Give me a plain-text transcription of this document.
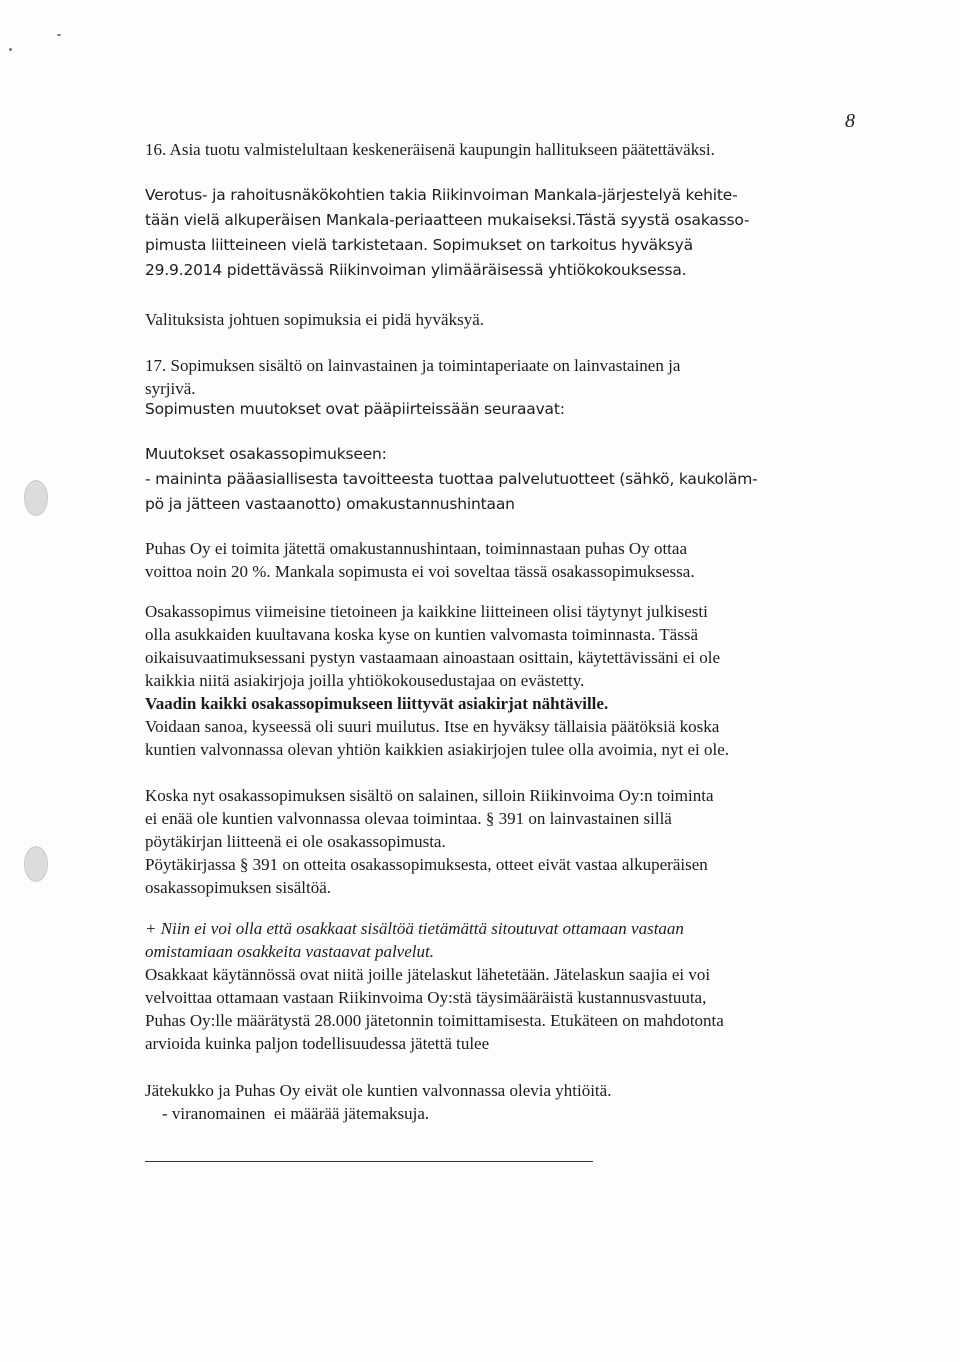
8
16. Asia tuotu valmistelultaan keskeneräisenä kaupungin hallitukseen päätettäväksi.
Verotus- ja rahoitusnäkökohtien takia Riikinvoiman Mankala-järjestelyä kehite-
tään vielä alkuperäisen Mankala-periaatteen mukaiseksi.Tästä syystä osakasso-
pimusta liitteineen vielä tarkistetaan. Sopimukset on tarkoitus hyväksyä
29.9.2014 pidettävässä Riikinvoiman ylimääräisessä yhtiökokouksessa.
Valituksista johtuen sopimuksia ei pidä hyväksyä.
17. Sopimuksen sisältö on lainvastainen ja toimintaperiaate on lainvastainen ja
syrjivä.
Sopimusten muutokset ovat pääpiirteissään seuraavat:
Muutokset osakassopimukseen:
- maininta pääasiallisesta tavoitteesta tuottaa palvelutuotteet (sähkö, kaukoläm-
pö ja jätteen vastaanotto) omakustannushintaan
Puhas Oy ei toimita jätettä omakustannushintaan, toiminnastaan puhas Oy ottaa
voittoa noin 20 %. Mankala sopimusta ei voi soveltaa tässä osakassopimuksessa.
Osakassopimus viimeisine tietoineen ja kaikkine liitteineen olisi täytynyt julkisesti
olla asukkaiden kuultavana koska kyse on kuntien valvomasta toiminnasta. Tässä
oikaisuvaatimuksessani pystyn vastaamaan ainoastaan osittain, käytettävissäni ei ole
kaikkia niitä asiakirjoja joilla yhtiökokousedustajaa on evästetty.
Vaadin kaikki osakassopimukseen liittyvät asiakirjat nähtäville.
Voidaan sanoa, kyseessä oli suuri muilutus. Itse en hyväksy tällaisia päätöksiä koska
kuntien valvonnassa olevan yhtiön kaikkien asiakirjojen tulee olla avoimia, nyt ei ole.
Koska nyt osakassopimuksen sisältö on salainen, silloin Riikinvoima Oy:n toiminta
ei enää ole kuntien valvonnassa olevaa toimintaa. § 391 on lainvastainen sillä
pöytäkirjan liitteenä ei ole osakassopimusta.
Pöytäkirjassa § 391 on otteita osakassopimuksesta, otteet eivät vastaa alkuperäisen
osakassopimuksen sisältöä.
+ Niin ei voi olla että osakkaat sisältöä tietämättä sitoutuvat ottamaan vastaan
omistamiaan osakkeita vastaavat palvelut.
Osakkaat käytännössä ovat niitä joille jätelaskut lähetetään. Jätelaskun saajia ei voi
velvoittaa ottamaan vastaan Riikinvoima Oy:stä täysimääräistä kustannusvastuuta,
Puhas Oy:lle määrätystä 28.000 jätetonnin toimittamisesta. Etukäteen on mahdotonta
arvioida kuinka paljon todellisuudessa jätettä tulee
Jätekukko ja Puhas Oy eivät ole kuntien valvonnassa olevia yhtiöitä.
- viranomainen  ei määrää jätemaksuja.
